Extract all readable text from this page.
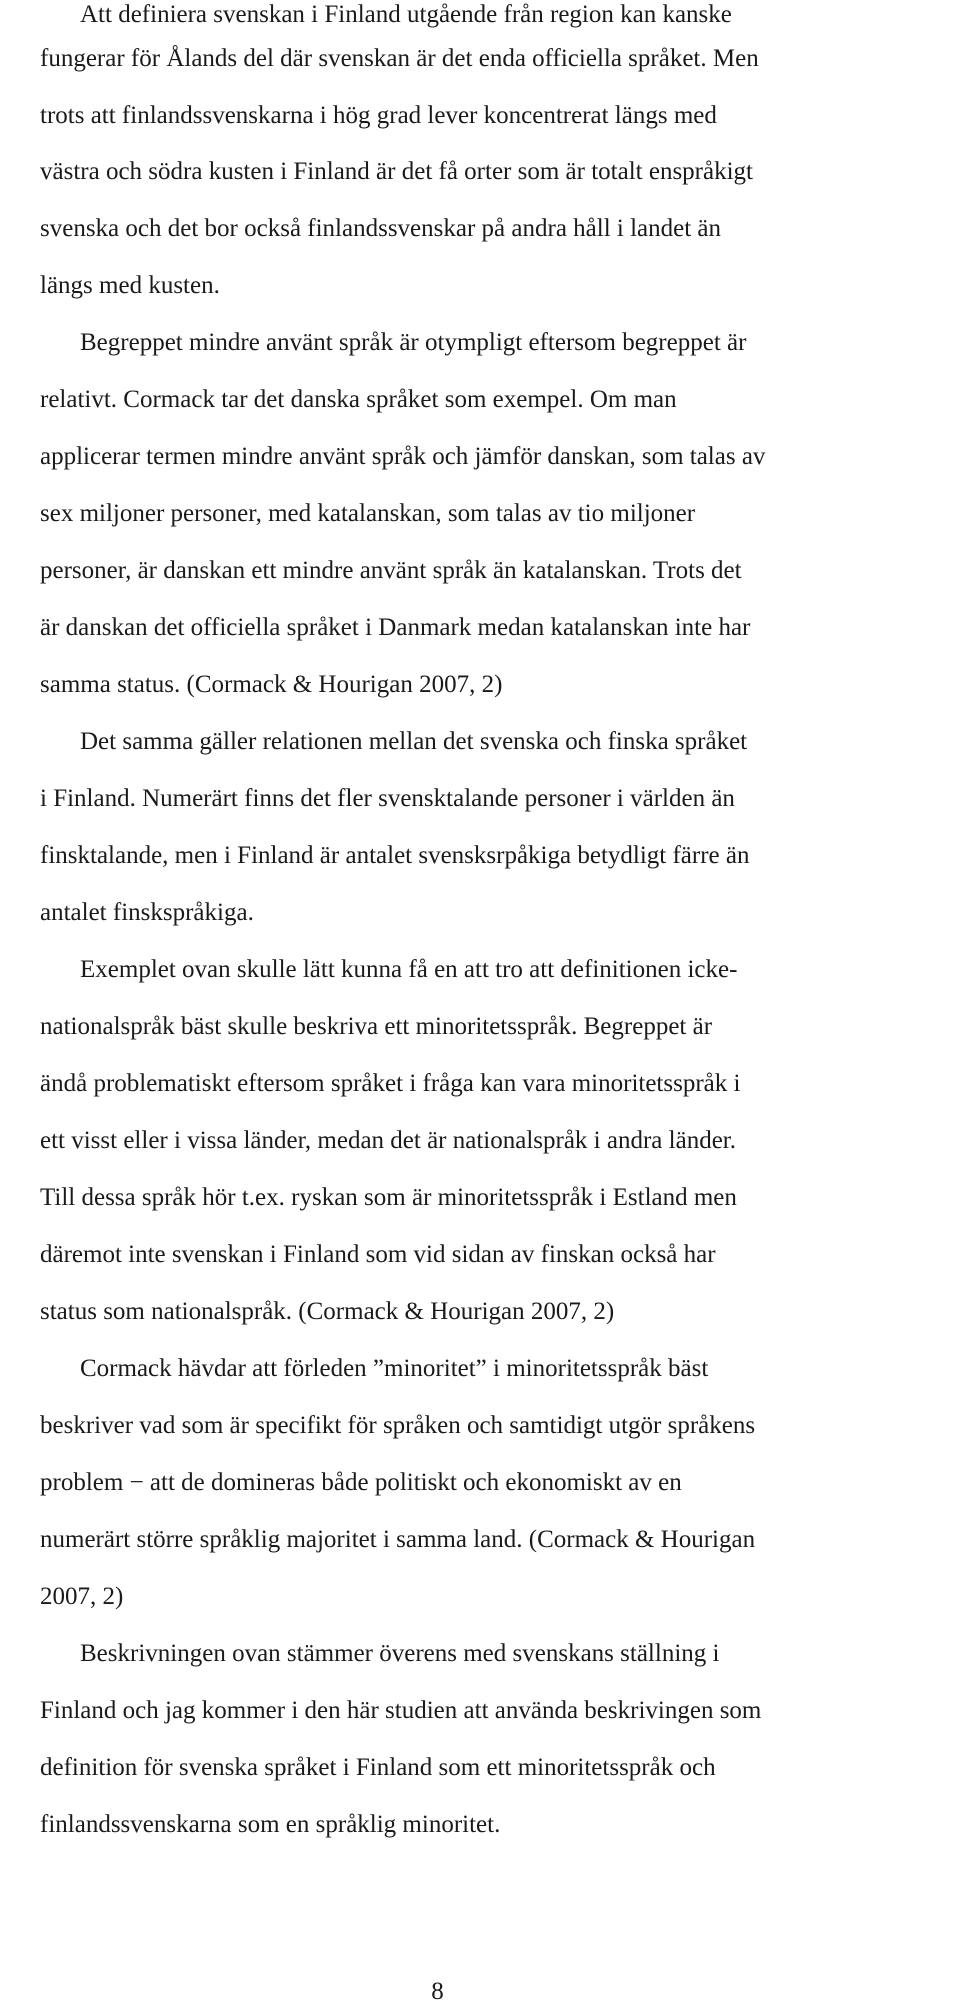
Att definiera svenskan i Finland utgående från region kan kanske
fungerar för Ålands del där svenskan är det enda officiella språket. Men
trots att finlandssvenskarna i hög grad lever koncentrerat längs med
västra och södra kusten i Finland är det få orter som är totalt enspråkigt
svenska och det bor också finlandssvenskar på andra håll i landet än
längs med kusten.
Begreppet mindre använt språk är otympligt eftersom begreppet är
relativt. Cormack tar det danska språket som exempel. Om man
applicerar termen mindre använt språk och jämför danskan, som talas av
sex miljoner personer, med katalanskan, som talas av tio miljoner
personer, är danskan ett mindre använt språk än katalanskan. Trots det
är danskan det officiella språket i Danmark medan katalanskan inte har
samma status. (Cormack & Hourigan 2007, 2)
Det samma gäller relationen mellan det svenska och finska språket
i Finland. Numerärt finns det fler svensktalande personer i världen än
finsktalande, men i Finland är antalet svensksrpåkiga betydligt färre än
antalet finskspråkiga.
Exemplet ovan skulle lätt kunna få en att tro att definitionen icke-
nationalspråk bäst skulle beskriva ett minoritetsspråk. Begreppet är
ändå problematiskt eftersom språket i fråga kan vara minoritetsspråk i
ett visst eller i vissa länder, medan det är nationalspråk i andra länder.
Till dessa språk hör t.ex. ryskan som är minoritetsspråk i Estland men
däremot inte svenskan i Finland som vid sidan av finskan också har
status som nationalspråk. (Cormack & Hourigan 2007, 2)
Cormack hävdar att förleden ”minoritet” i minoritetsspråk bäst
beskriver vad som är specifikt för språken och samtidigt utgör språkens
problem − att de domineras både politiskt och ekonomiskt av en
numerärt större språklig majoritet i samma land. (Cormack & Hourigan
2007, 2)
Beskrivningen ovan stämmer överens med svenskans ställning i
Finland och jag kommer i den här studien att använda beskrivingen som
definition för svenska språket i Finland som ett minoritetsspråk och
finlandssvenskarna som en språklig minoritet.
8
